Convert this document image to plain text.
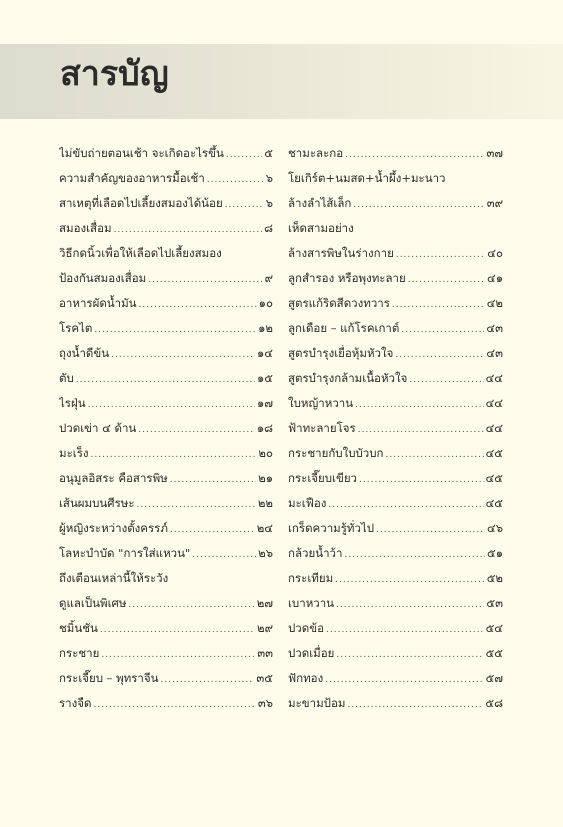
สารบัญ
ไม่ขับถ่ายตอนเช้า จะเกิดอะไรขึ้น .....	๕
ความสำคัญของอาหารมื้อเช้า .....	๖
สาเหตุที่เลือดไปเลี้ยงสมองได้น้อย .....	๖
สมองเสื่อม .....	๘
วิธีกดนิ้วเพื่อให้เลือดไปเลี้ยงสมอง
ป้องกันสมองเสื่อม .....	๙
อาหารผัดน้ำมัน .....	๑๐
โรคไต .....	๑๒
ถุงน้ำดีข้น .....	๑๔
ตับ .....	๑๕
ไรฝุ่น .....	๑๗
ปวดเข่า ๔ ด้าน .....	๑๘
มะเร็ง .....	๒๐
อนุมูลอิสระ คือสารพิษ .....	๒๑
เส้นผมบนศีรษะ .....	๒๒
ผู้หญิงระหว่างตั้งครรภ์ .....	๒๔
โลหะบำบัด "การใส่แหวน" .....	๒๖
ถึงเตือนเหล่านี้ให้ระวัง
ดูแลเป็นพิเศษ .....	๒๗
ชมิ้นชัน .....	๒๙
กระชาย .....	๓๓
กระเจี๊ยบ – พุทราจีน .....	๓๕
รางจืด .....	๓๖
ชามะละกอ .....	๓๗
โยเกิร์ต+นมสด+น้ำผึ้ง+มะนาว
ล้างลำไส้เล็ก .....	๓๙
เห็ดสามอย่าง
ล้างสารพิษในร่างกาย .....	๔๐
ลูกสำรอง หรือพุงทะลาย .....	๔๑
สูตรแก้ริดสีดวงทวาร .....	๔๒
ลูกเดือย – แก้โรคเกาต์ .....	๔๓
สูตรบำรุงเยื่อหุ้มหัวใจ .....	๔๓
สูตรบำรุงกล้ามเนื้อหัวใจ .....	๔๔
ใบหญ้าหวาน .....	๔๔
ฟ้าทะลายโจร .....	๔๔
กระชายกับใบบัวบก .....	๔๕
กระเจี๊ยบเขียว .....	๔๕
มะเฟือง .....	๔๕
เกร็ดความรู้ทั่วไป .....	๔๖
กล้วยน้ำว้า .....	๕๑
กระเทียม .....	๕๒
เบาหวาน .....	๕๓
ปวดข้อ .....	๕๔
ปวดเมื่อย .....	๕๕
ฟักทอง .....	๕๗
มะขามป้อม .....	๕๘
